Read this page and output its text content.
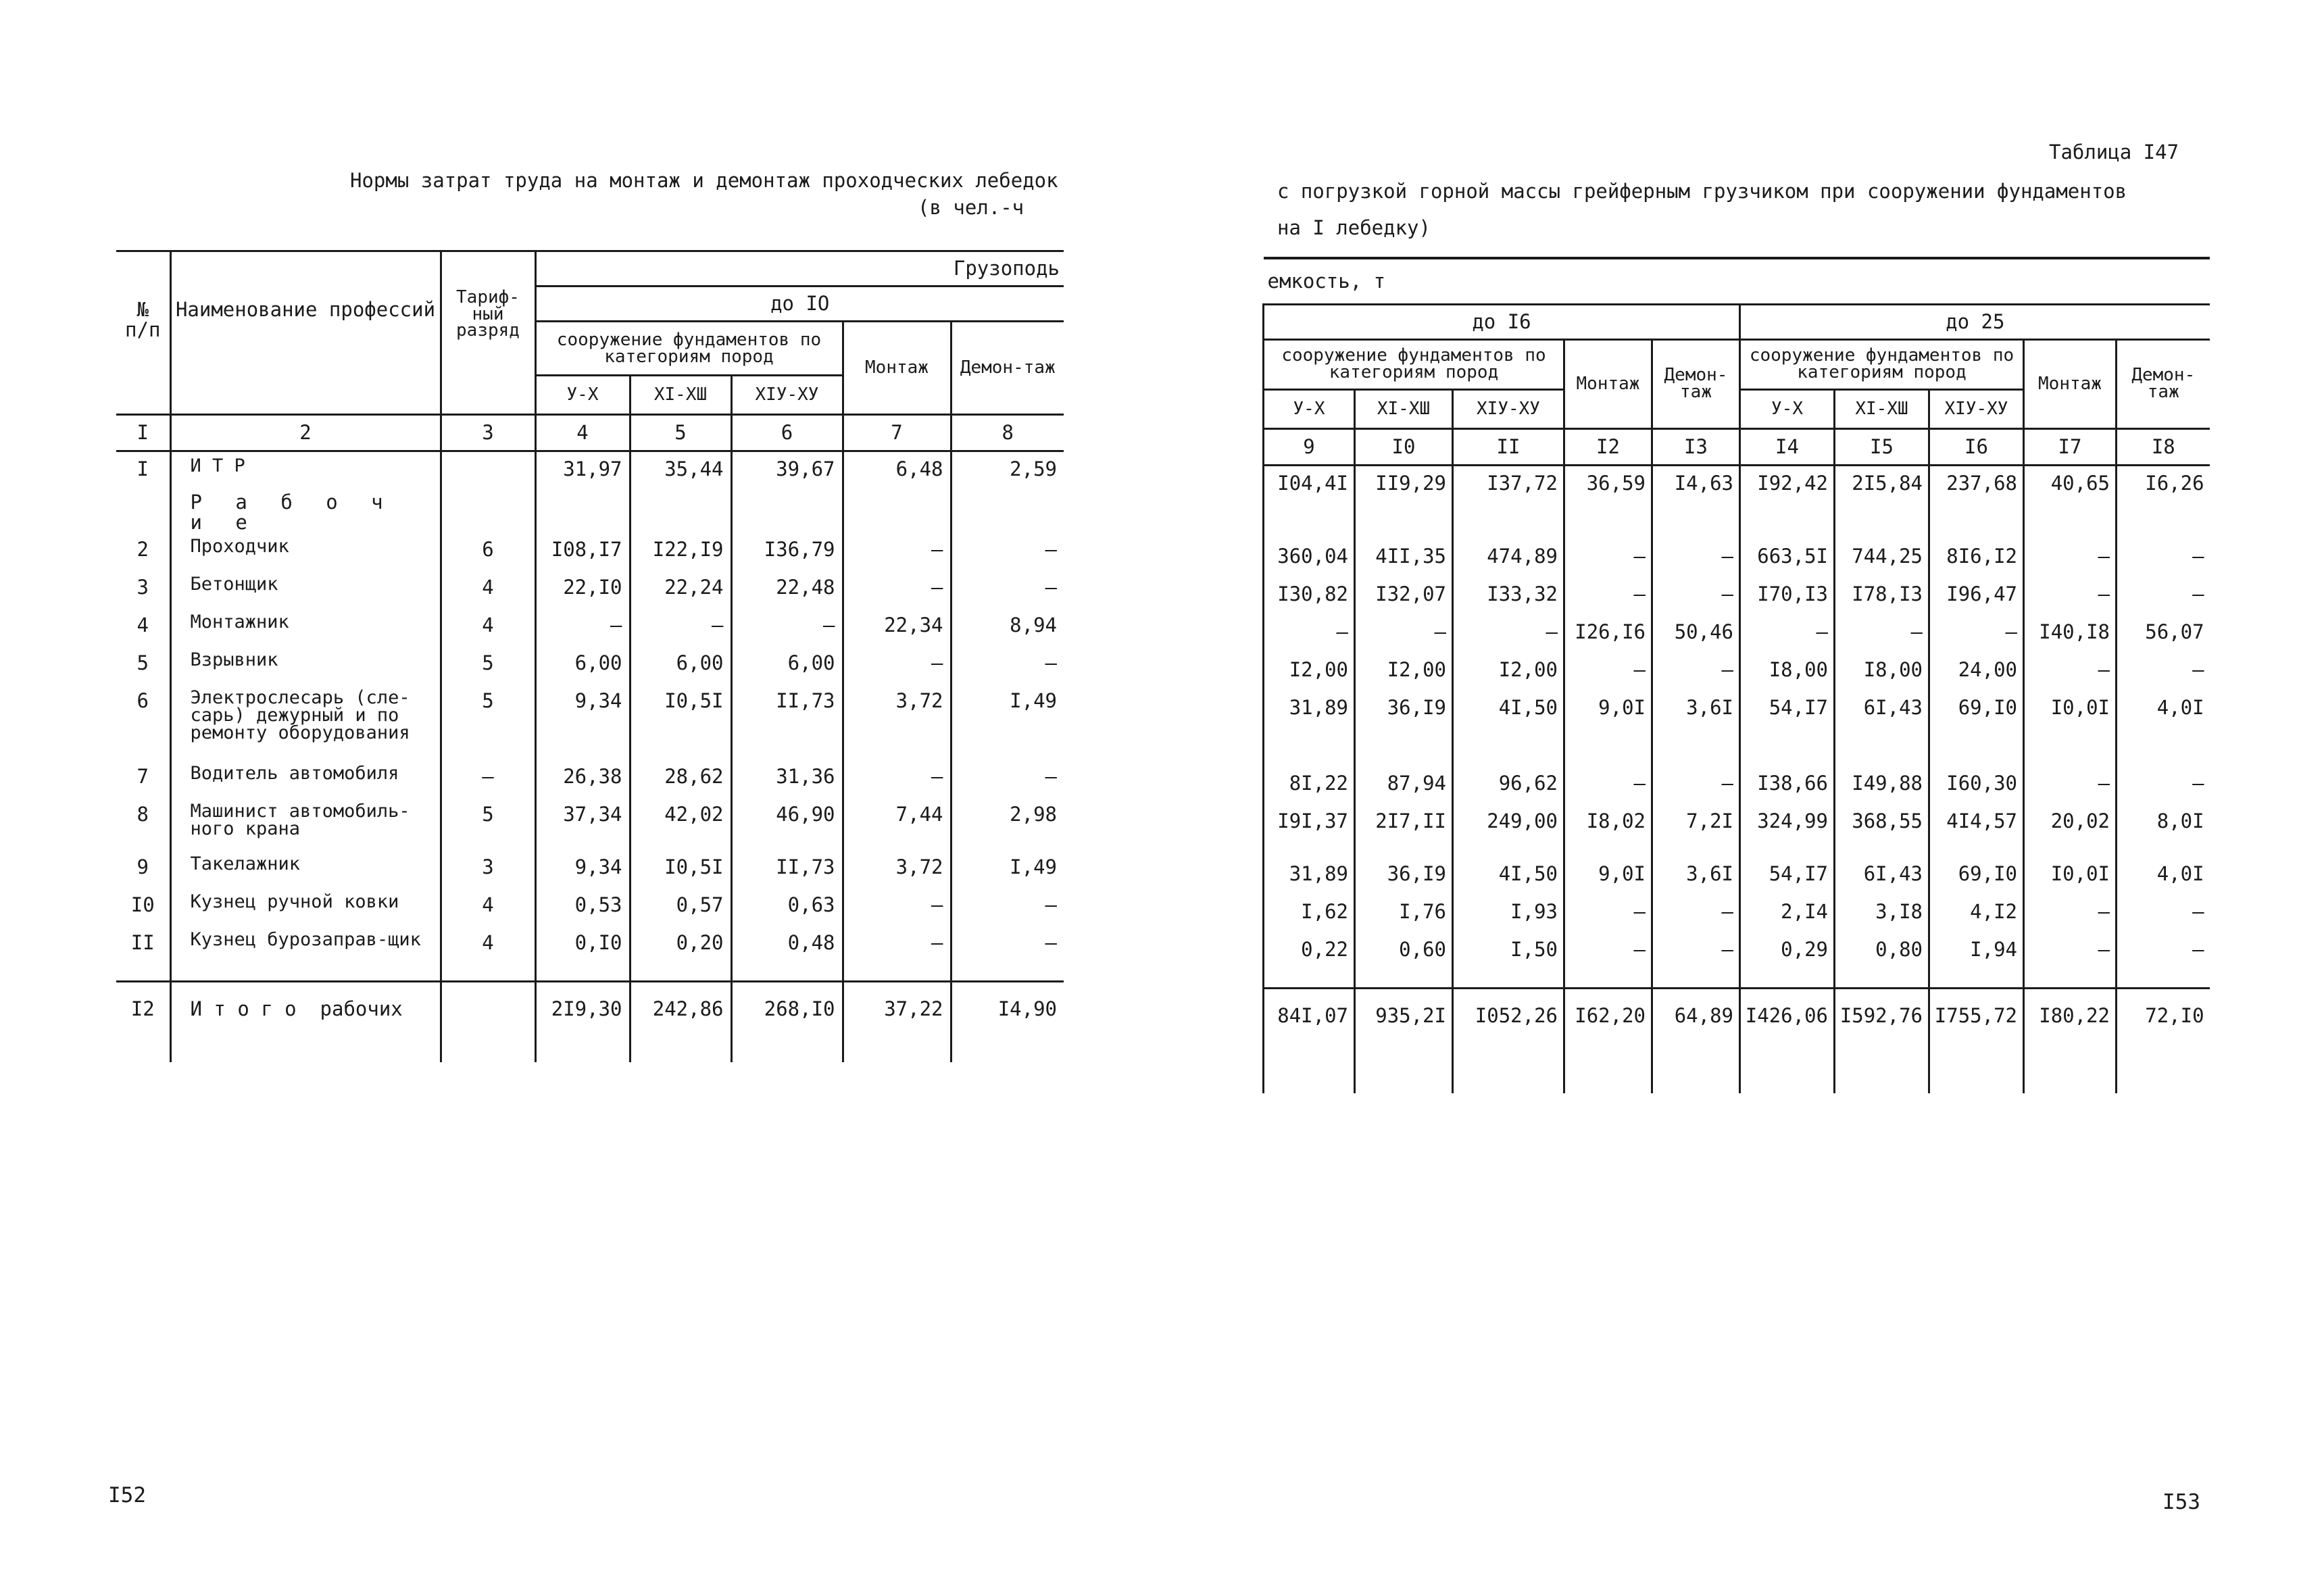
Нормы затрат труда на монтаж и демонтаж проходческих лебедок
(в чел.-ч
№ п/п	Наименование профессий	Тариф-ный разряд	Грузоподь				
			до IO				
			сооружение фундаментов по категориям пород			Монтаж	Демон-таж
			У-Х	ХI-ХШ	ХIУ-ХУ		

I	2	3	4	5	6	7	8
I	И Т Р		31,97	35,44	39,67	6,48	2,59
	Р а б о ч и е						
2	Проходчик	6	I08,I7	I22,I9	I36,79	–	–
3	Бетонщик	4	22,I0	22,24	22,48	–	–
4	Монтажник	4	–	–	–	22,34	8,94
5	Взрывник	5	6,00	6,00	6,00	–	–
6	Электрослесарь (сле-сарь) дежурный и по ремонту оборудования	5	9,34	I0,5I	II,73	3,72	I,49
7	Водитель автомобиля	–	26,38	28,62	31,36	–	–
8	Машинист автомобиль-ного крана	5	37,34	42,02	46,90	7,44	2,98
9	Такелажник	3	9,34	I0,5I	II,73	3,72	I,49
I0	Кузнец ручной ковки	4	0,53	0,57	0,63	–	–
II	Кузнец бурозаправ-щик	4	0,I0	0,20	0,48	–	–
I2	И т о г о  рабочих		2I9,30	242,86	268,I0	37,22	I4,90

I52
Таблица I47
с погрузкой горной массы грейферным грузчиком при сооружении фундаментов
на I лебедку)
емкость, т									
до I6					до 25				
сооружение фундаментов по категориям пород			Монтаж	Демон-таж	сооружение фундаментов по категориям пород			Монтаж	Демон-таж
У-Х	ХI-ХШ	ХIУ-ХУ			У-Х	ХI-ХШ	ХIУ-ХУ		
9	I0	II	I2	I3	I4	I5	I6	I7	I8
I04,4I	II9,29	I37,72	36,59	I4,63	I92,42	2I5,84	237,68	40,65	I6,26

360,04	4II,35	474,89	–	–	663,5I	744,25	8I6,I2	–	–
I30,82	I32,07	I33,32	–	–	I70,I3	I78,I3	I96,47	–	–
–	–	–	I26,I6	50,46	–	–	–	I40,I8	56,07
I2,00	I2,00	I2,00	–	–	I8,00	I8,00	24,00	–	–
31,89	36,I9	4I,50	9,0I	3,6I	54,I7	6I,43	69,I0	I0,0I	4,0I
8I,22	87,94	96,62	–	–	I38,66	I49,88	I60,30	–	–
I9I,37	2I7,II	249,00	I8,02	7,2I	324,99	368,55	4I4,57	20,02	8,0I
31,89	36,I9	4I,50	9,0I	3,6I	54,I7	6I,43	69,I0	I0,0I	4,0I
I,62	I,76	I,93	–	–	2,I4	3,I8	4,I2	–	–
0,22	0,60	I,50	–	–	0,29	0,80	I,94	–	–
84I,07	935,2I	I052,26	I62,20	64,89	I426,06	I592,76	I755,72	I80,22	72,I0

I53
